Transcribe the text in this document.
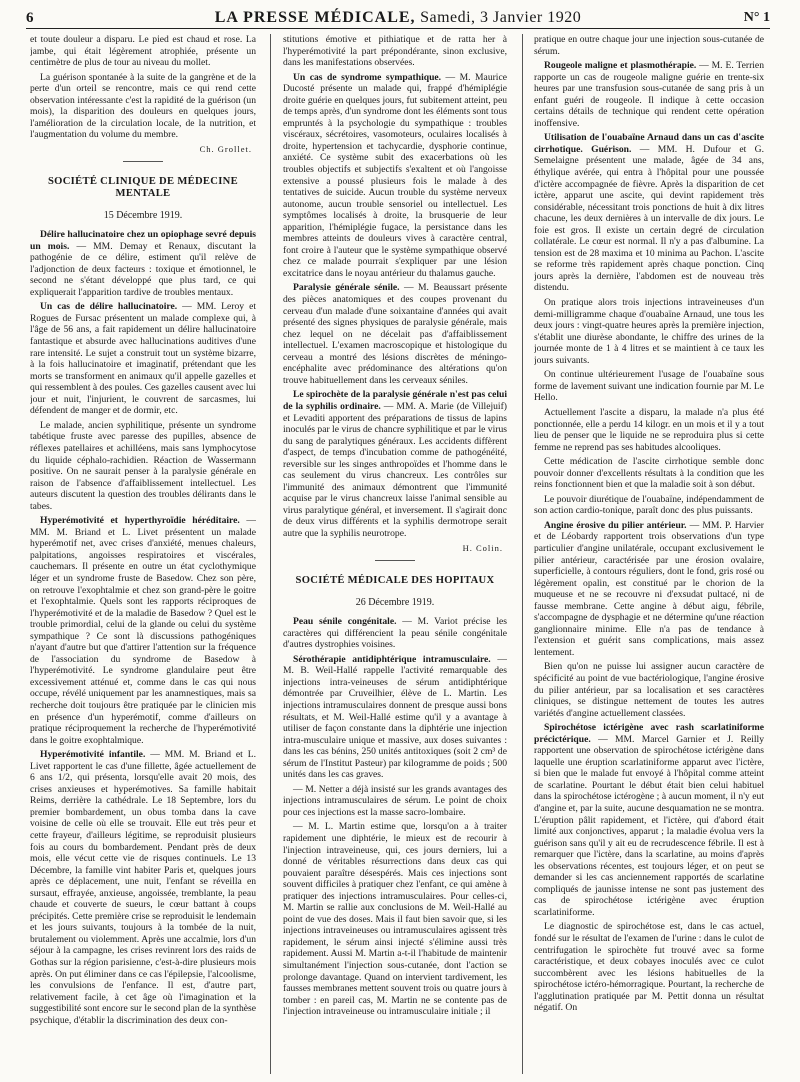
6	LA PRESSE MÉDICALE, Samedi, 3 Janvier 1920	N° 1

et toute douleur a disparu. Le pied est chaud et rose. La jambe, qui était légèrement atrophiée, présente un centimètre de plus de tour au niveau du mollet.

La guérison spontanée à la suite de la gangrène et de la perte d'un orteil se rencontre, mais ce qui rend cette observation intéressante c'est la rapidité de la guérison (un mois), la disparition des douleurs en quelques jours, l'amélioration de la circulation locale, de la nutrition, et l'augmentation du volume du membre.

Ch. Grollet.
SOCIÉTÉ CLINIQUE DE MÉDECINE MENTALE
15 Décembre 1919.

Délire hallucinatoire chez un opiophage sevré depuis un mois. — MM. Demay et Renaux, discutant la pathogénie de ce délire, estiment qu'il relève de l'adjonction de deux facteurs : toxique et émotionnel, le second ne s'étant développé que plus tard, ce qui expliquerait l'apparition tardive de troubles mentaux.

Un cas de délire hallucinatoire. — MM. Leroy et Rogues de Fursac présentent un malade complexe qui, à l'âge de 56 ans, a fait rapidement un délire hallucinatoire fantastique et absurde avec hallucinations auditives d'une rare intensité. Le sujet a construit tout un système bizarre, à la fois hallucinatoire et imaginatif, prétendant que les morts se transforment en animaux qu'il appelle gazelles et qui ressemblent à des poules. Ces gazelles causent avec lui jour et nuit, l'injurient, le couvrent de sarcasmes, lui défendent de manger et de dormir, etc.

Le malade, ancien syphilitique, présente un syndrome tabétique fruste avec paresse des pupilles, absence de réflexes patellaires et achilléens, mais sans lymphocytose du liquide céphalo-rachidien. Réaction de Wassermann positive. On ne saurait penser à la paralysie générale en raison de l'absence d'affaiblissement intellectuel. Les auteurs discutent la question des troubles délirants dans le tabes.

Hyperémotivité et hyperthyroïdie héréditaire. — MM. M. Briand et L. Livet présentent un malade hyperémotif net, avec crises d'anxiété, menues chaleurs, palpitations, angoisses respiratoires et viscérales, cauchemars. Il présente en outre un état cyclothymique léger et un syndrome fruste de Basedow. Chez son père, on retrouve l'exophtalmie et chez son grand-père le goitre et l'exophtalmie. Quels sont les rapports réciproques de l'hyperémotivité et de la maladie de Basedow ? Quel est le trouble primordial, celui de la glande ou celui du système sympathique ? Ce sont là discussions pathogéniques n'ayant d'autre but que d'attirer l'attention sur la fréquence de l'association du syndrome de Basedow à l'hyperémotivité. Le syndrome glandulaire peut être excessivement atténué et, comme dans le cas qui nous occupe, révélé uniquement par les anamnestiques, mais sa recherche doit toujours être pratiquée par le clinicien mis en présence d'un hyperémotif, comme d'ailleurs on pratique réciproquement la recherche de l'hyperémotivité dans le goitre exophtalmique.

Hyperémotivité infantile. — MM. M. Briand et L. Livet rapportent le cas d'une fillette, âgée actuellement de 6 ans 1/2, qui présenta, lorsqu'elle avait 20 mois, des crises anxieuses et hyperémotives. Sa famille habitait Reims, derrière la cathédrale. Le 18 Septembre, lors du premier bombardement, un obus tomba dans la cave voisine de celle où elle se trouvait. Elle eut très peur et cette frayeur, d'ailleurs légitime, se reproduisit plusieurs fois au cours du bombardement. Pendant près de deux mois, elle vécut cette vie de risques continuels. Le 13 Décembre, la famille vint habiter Paris et, quelques jours après ce déplacement, une nuit, l'enfant se réveilla en sursaut, effrayée, anxieuse, angoissée, tremblante, la peau chaude et couverte de sueurs, le cœur battant à coups précipités. Cette première crise se reproduisit le lendemain et les jours suivants, toujours à la tombée de la nuit, brutalement ou violemment. Après une accalmie, lors d'un séjour à la campagne, les crises revinrent lors des raids de Gothas sur la région parisienne, c'est-à-dire plusieurs mois après. On put éliminer dans ce cas l'épilepsie, l'alcoolisme, les convulsions de l'enfance. Il est, d'autre part, relativement facile, à cet âge où l'imagination et la suggestibilité sont encore sur le second plan de la synthèse psychique, d'établir la discrimination des deux con-

stitutions émotive et pithiatique et de ratta her à l'hyperémotivité la part prépondérante, sinon exclusive, dans les manifestations observées.

Un cas de syndrome sympathique. — M. Maurice Ducosté présente un malade qui, frappé d'hémiplégie droite guérie en quelques jours, fut subitement atteint, peu de temps après, d'un syndrome dont les éléments sont tous empruntés à la psychologie du sympathique : troubles viscéraux, sécrétoires, vasomoteurs, oculaires localisés à droite, hypertension et tachycardie, dysphorie continue, anxiété. Ce système subit des exacerbations où les troubles objectifs et subjectifs s'exaltent et où l'angoisse extensive a poussé plusieurs fois le malade à des tentatives de suicide. Aucun trouble du système nerveux autonome, aucun trouble sensoriel ou intellectuel. Les symptômes localisés à droite, la brusquerie de leur apparition, l'hémiplégie fugace, la persistance dans les membres atteints de douleurs vives à caractère central, font croire à l'auteur que le système sympathique observé chez ce malade pourrait s'expliquer par une lésion excitatrice dans le noyau antérieur du thalamus gauche.

Paralysie générale sénile. — M. Beaussart présente des pièces anatomiques et des coupes provenant du cerveau d'un malade d'une soixantaine d'années qui avait présenté des signes physiques de paralysie générale, mais chez lequel on ne décelait pas d'affaiblissement intellectuel. L'examen macroscopique et histologique du cerveau a montré des lésions discrètes de méningo-encéphalite avec prédominance des altérations qu'on trouve habituellement dans les cerveaux séniles.

Le spirochète de la paralysie générale n'est pas celui de la syphilis ordinaire. — MM. A. Marie (de Villejuif) et Levaditi apportent des préparations de tissus de lapins inoculés par le virus de chancre syphilitique et par le virus du sang de paralytiques généraux. Les accidents diffèrent d'aspect, de temps d'incubation comme de pathogénéité, reversible sur les singes anthropoïdes et l'homme dans le cas seulement du virus chancreux. Les contrôles sur l'immunité des animaux démontrent que l'immunité acquise par le virus chancreux laisse l'animal sensible au virus paralytique général, et inversement. Il s'agirait donc de deux virus différents et la syphilis dermotrope serait autre que la syphilis neurotrope.

H. Colin.
SOCIÉTÉ MÉDICALE DES HOPITAUX
26 Décembre 1919.

Peau sénile congénitale. — M. Variot précise les caractères qui différencient la peau sénile congénitale d'autres dystrophies voisines.

Sérothérapie antidiphtérique intramusculaire. — M. B. Weil-Hallé rappelle l'activité remarquable des injections intra-veineuses de sérum antidiphtérique démontrée par Cruveilhier, élève de L. Martin. Les injections intramusculaires donnent de presque aussi bons résultats, et M. Weil-Hallé estime qu'il y a avantage à utiliser de façon constante dans la diphtérie une injection intra-musculaire unique et massive, aux doses suivantes : dans les cas bénins, 250 unités antitoxiques (soit 2 cm³ de sérum de l'Institut Pasteur) par kilogramme de poids ; 500 unités dans les cas graves.

— M. Netter a déjà insisté sur les grands avantages des injections intramusculaires de sérum. Le point de choix pour ces injections est la masse sacro-lombaire.

— M. L. Martin estime que, lorsqu'on a à traiter rapidement une diphtérie, le mieux est de recourir à l'injection intraveineuse, qui, ces jours derniers, lui a donné de véritables résurrections dans deux cas qui pouvaient paraître désespérés. Mais ces injections sont souvent difficiles à pratiquer chez l'enfant, ce qui amène à pratiquer des injections intramusculaires. Pour celles-ci, M. Martin se rallie aux conclusions de M. Weil-Hallé au point de vue des doses. Mais il faut bien savoir que, si les injections intraveineuses ou intramusculaires agissent très rapidement, le sérum ainsi injecté s'élimine aussi très rapidement. Aussi M. Martin a-t-il l'habitude de maintenir simultanément l'injection sous-cutanée, dont l'action se prolonge davantage. Quand on intervient tardivement, les fausses membranes mettent souvent trois ou quatre jours à tomber : en pareil cas, M. Martin ne se contente pas de l'injection intraveineuse ou intramusculaire initiale ; il

pratique en outre chaque jour une injection sous-cutanée de sérum.

Rougeole maligne et plasmothérapie. — M. E. Terrien rapporte un cas de rougeole maligne guérie en trente-six heures par une transfusion sous-cutanée de sang pris à un enfant guéri de rougeole. Il indique à cette occasion certains détails de technique qui rendent cette opération inoffensive.

Utilisation de l'ouabaïne Arnaud dans un cas d'ascite cirrhotique. Guérison. — MM. H. Dufour et G. Semelaigne présentent une malade, âgée de 34 ans, éthylique avérée, qui entra à l'hôpital pour une poussée d'ictère accompagnée de fièvre. Après la disparition de cet ictère, apparut une ascite, qui devint rapidement très considérable, nécessitant trois ponctions de huit à dix litres chacune, les deux dernières à un intervalle de dix jours. Le foie est gros. Il existe un certain degré de circulation collatérale. Le cœur est normal. Il n'y a pas d'albumine. La tension est de 28 maxima et 10 minima au Pachon. L'ascite se reforme très rapidement après chaque ponction. Cinq jours après la dernière, l'abdomen est de nouveau très distendu.

On pratique alors trois injections intraveineuses d'un demi-milligramme chaque d'ouabaïne Arnaud, une tous les deux jours : vingt-quatre heures après la première injection, s'établit une diurèse abondante, le chiffre des urines de la journée monte de 1 à 4 litres et se maintient à ce taux les jours suivants.

On continue ultérieurement l'usage de l'ouabaïne sous forme de lavement suivant une indication fournie par M. Le Hello.

Actuellement l'ascite a disparu, la malade n'a plus été ponctionnée, elle a perdu 14 kilogr. en un mois et il y a tout lieu de penser que le liquide ne se reproduira plus si cette femme ne reprend pas ses habitudes alcooliques.

Cette médication de l'ascite cirrhotique semble donc pouvoir donner d'excellents résultats à la condition que les reins fonctionnent bien et que la maladie soit à son début.

Le pouvoir diurétique de l'ouabaïne, indépendamment de son action cardio-tonique, paraît donc des plus puissants.

Angine érosive du pilier antérieur. — MM. P. Harvier et de Léobardy rapportent trois observations d'un type particulier d'angine unilatérale, occupant exclusivement le pilier antérieur, caractérisée par une érosion ovalaire, superficielle, à contours réguliers, dont le fond, gris rosé ou légèrement opalin, est constitué par le chorion de la muqueuse et ne se recouvre ni d'exsudat pultacé, ni de fausse membrane. Cette angine à début aigu, fébrile, s'accompagne de dysphagie et ne détermine qu'une réaction ganglionnaire minime. Elle n'a pas de tendance à l'extension et guérit sans complications, mais assez lentement.

Bien qu'on ne puisse lui assigner aucun caractère de spécificité au point de vue bactériologique, l'angine érosive du pilier antérieur, par sa localisation et ses caractères cliniques, se distingue nettement de toutes les autres variétés d'angine actuellement classées.

Spirochétose ictérigène avec rash scarlatiniforme précictérique. — MM. Marcel Garnier et J. Reilly rapportent une observation de spirochétose ictérigène dans laquelle une éruption scarlatiniforme apparut avec l'ictère, si bien que le malade fut envoyé à l'hôpital comme atteint de scarlatine. Pourtant le début était bien celui habituel dans la spirochétose ictérogène ; à aucun moment, il n'y eut d'angine et, par la suite, aucune desquamation ne se montra. L'éruption pâlit rapidement, et l'ictère, qui d'abord était limité aux conjonctives, apparut ; la maladie évolua vers la guérison sans qu'il y ait eu de recrudescence fébrile. Il est à remarquer que l'ictère, dans la scarlatine, au moins d'après les observations récentes, est toujours léger, et on peut se demander si les cas anciennement rapportés de scarlatine compliqués de jaunisse intense ne sont pas justement des cas de spirochétose ictérigène avec éruption scarlatiniforme.

Le diagnostic de spirochétose est, dans le cas actuel, fondé sur le résultat de l'examen de l'urine : dans le culot de centrifugation le spirochète fut trouvé avec sa forme caractéristique, et deux cobayes inoculés avec ce culot succombèrent avec les lésions habituelles de la spirochétose ictéro-hémorragique. Pourtant, la recherche de l'agglutination pratiquée par M. Pettit donna un résultat négatif. On
